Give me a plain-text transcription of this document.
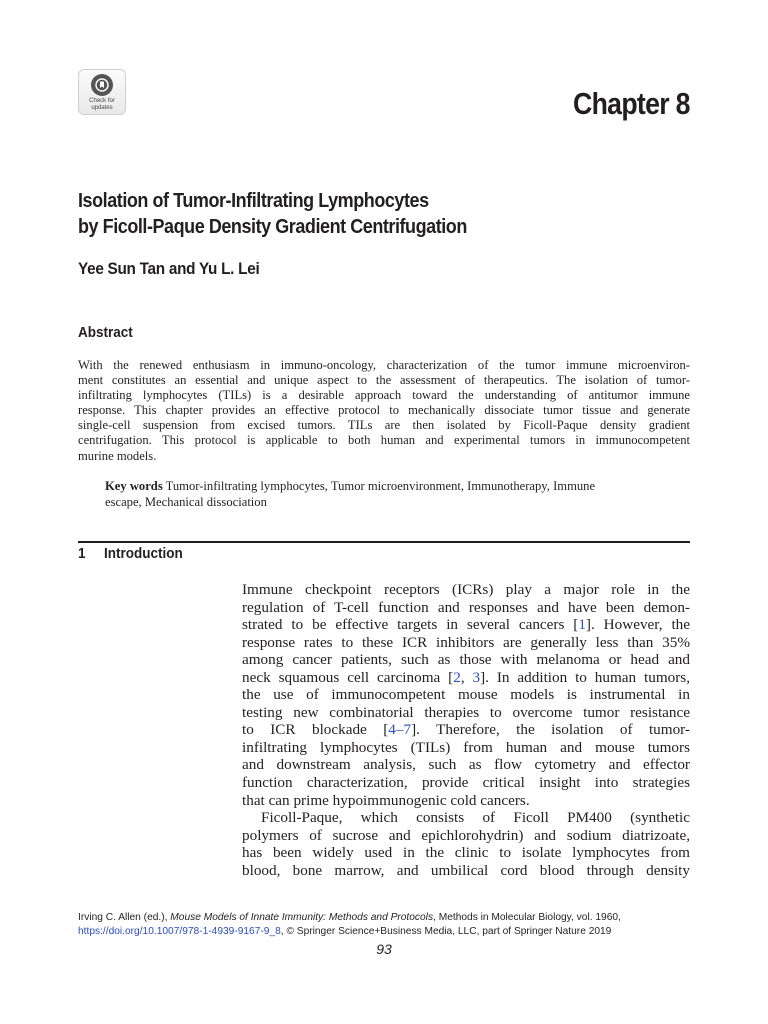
Check for
updates	Chapter 8
Isolation of Tumor-Infiltrating Lymphocytes
by Ficoll-Paque Density Gradient Centrifugation
Yee Sun Tan and Yu L. Lei
Abstract
With the renewed enthusiasm in immuno-oncology, characterization of the tumor immune microenviron-
ment constitutes an essential and unique aspect to the assessment of therapeutics. The isolation of tumor-
infiltrating lymphocytes (TILs) is a desirable approach toward the understanding of antitumor immune
response. This chapter provides an effective protocol to mechanically dissociate tumor tissue and generate
single-cell suspension from excised tumors. TILs are then isolated by Ficoll-Paque density gradient
centrifugation. This protocol is applicable to both human and experimental tumors in immunocompetent
murine models.
Key words Tumor-infiltrating lymphocytes, Tumor microenvironment, Immunotherapy, Immune
escape, Mechanical dissociation
1 Introduction
Immune checkpoint receptors (ICRs) play a major role in the
regulation of T-cell function and responses and have been demon-
strated to be effective targets in several cancers [1]. However, the
response rates to these ICR inhibitors are generally less than 35%
among cancer patients, such as those with melanoma or head and
neck squamous cell carcinoma [2, 3]. In addition to human tumors,
the use of immunocompetent mouse models is instrumental in
testing new combinatorial therapies to overcome tumor resistance
to ICR blockade [4–7]. Therefore, the isolation of tumor-
infiltrating lymphocytes (TILs) from human and mouse tumors
and downstream analysis, such as flow cytometry and effector
function characterization, provide critical insight into strategies
that can prime hypoimmunogenic cold cancers.
Ficoll-Paque, which consists of Ficoll PM400 (synthetic
polymers of sucrose and epichlorohydrin) and sodium diatrizoate,
has been widely used in the clinic to isolate lymphocytes from
blood, bone marrow, and umbilical cord blood through density
Irving C. Allen (ed.), Mouse Models of Innate Immunity: Methods and Protocols, Methods in Molecular Biology, vol. 1960,
https://doi.org/10.1007/978-1-4939-9167-9_8, © Springer Science+Business Media, LLC, part of Springer Nature 2019
93
